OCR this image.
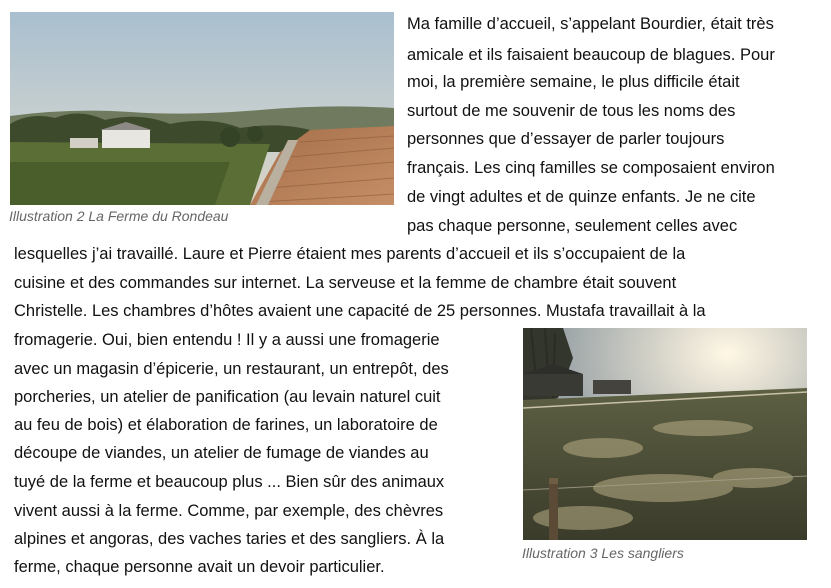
Illustration 2 La Ferme du Rondeau

Illustration 3 Les sangliers

Ma famille d’accueil, s’appelant Bourdier, était très

amicale et ils faisaient beaucoup de blagues. Pour

moi, la première semaine, le plus difficile était

surtout de me souvenir de tous les noms des

personnes que d’essayer de parler toujours

français. Les cinq familles se composaient environ

de vingt adultes et de quinze enfants. Je ne cite

pas chaque personne, seulement celles avec

lesquelles j’ai travaillé. Laure et Pierre étaient mes parents d’accueil et ils s’occupaient de la

cuisine et des commandes sur internet. La serveuse et la femme de chambre était souvent

Christelle. Les chambres d’hôtes avaient une capacité de 25 personnes. Mustafa travaillait à la

fromagerie. Oui, bien entendu ! Il y a aussi une fromagerie

avec un magasin d’épicerie, un restaurant, un entrepôt, des

porcheries, un atelier de panification (au levain naturel cuit

au feu de bois) et élaboration de farines, un laboratoire de

découpe de viandes, un atelier de fumage de viandes au

tuyé de la ferme et beaucoup plus ... Bien sûr des animaux

vivent aussi à la ferme. Comme, par exemple, des chèvres

alpines et angoras, des vaches taries et des sangliers. À la

ferme, chaque personne avait un devoir particulier.
